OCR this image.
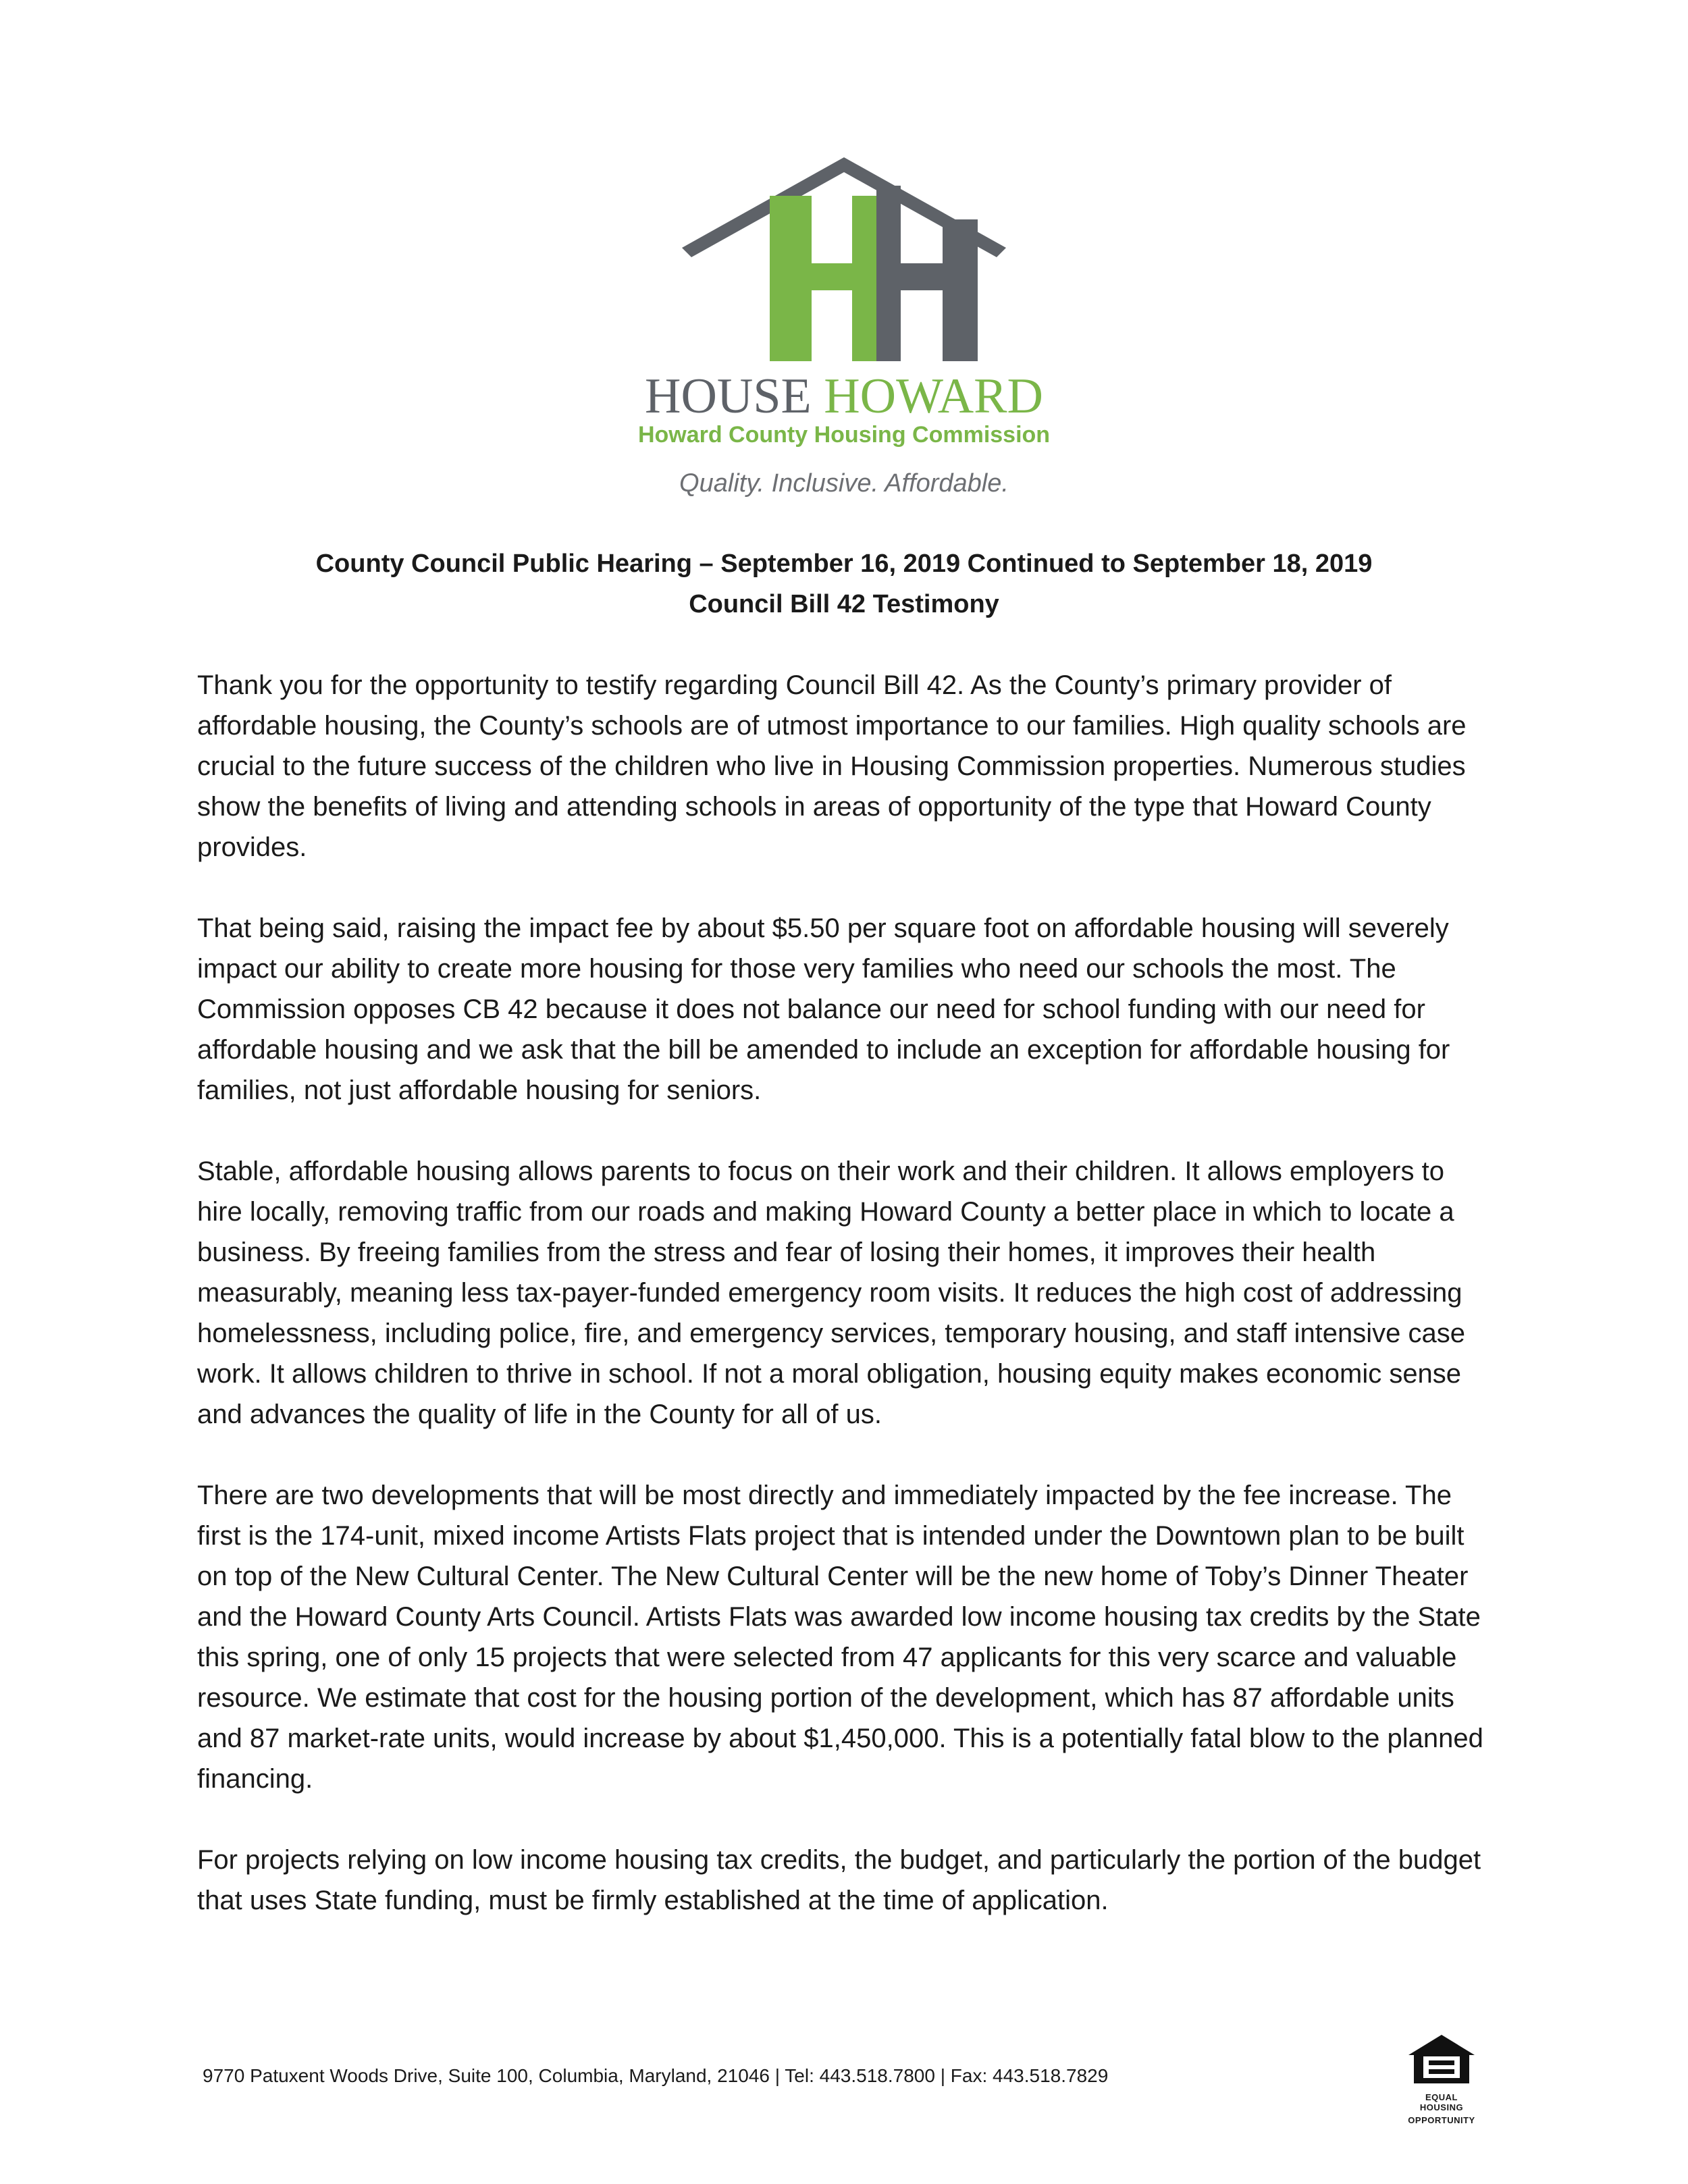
HOUSE HOWARD
Howard County Housing Commission
Quality. Inclusive. Affordable.
County Council Public Hearing – September 16, 2019 Continued to September 18, 2019
Council Bill 42 Testimony

Thank you for the opportunity to testify regarding Council Bill 42. As the County’s primary provider of affordable housing, the County’s schools are of utmost importance to our families. High quality schools are crucial to the future success of the children who live in Housing Commission properties. Numerous studies show the benefits of living and attending schools in areas of opportunity of the type that Howard County provides.

That being said, raising the impact fee by about $5.50 per square foot on affordable housing will severely impact our ability to create more housing for those very families who need our schools the most. The Commission opposes CB 42 because it does not balance our need for school funding with our need for affordable housing and we ask that the bill be amended to include an exception for affordable housing for families, not just affordable housing for seniors.

Stable, affordable housing allows parents to focus on their work and their children. It allows employers to hire locally, removing traffic from our roads and making Howard County a better place in which to locate a business. By freeing families from the stress and fear of losing their homes, it improves their health measurably, meaning less tax-payer-funded emergency room visits. It reduces the high cost of addressing homelessness, including police, fire, and emergency services, temporary housing, and staff intensive case work. It allows children to thrive in school. If not a moral obligation, housing equity makes economic sense and advances the quality of life in the County for all of us.

There are two developments that will be most directly and immediately impacted by the fee increase. The first is the 174-unit, mixed income Artists Flats project that is intended under the Downtown plan to be built on top of the New Cultural Center. The New Cultural Center will be the new home of Toby’s Dinner Theater and the Howard County Arts Council. Artists Flats was awarded low income housing tax credits by the State this spring, one of only 15 projects that were selected from 47 applicants for this very scarce and valuable resource. We estimate that cost for the housing portion of the development, which has 87 affordable units and 87 market-rate units, would increase by about $1,450,000. This is a potentially fatal blow to the planned financing.

For projects relying on low income housing tax credits, the budget, and particularly the portion of the budget that uses State funding, must be firmly established at the time of application.

9770 Patuxent Woods Drive, Suite 100, Columbia, Maryland, 21046 | Tel: 443.518.7800 | Fax: 443.518.7829
EQUAL HOUSING
OPPORTUNITY
